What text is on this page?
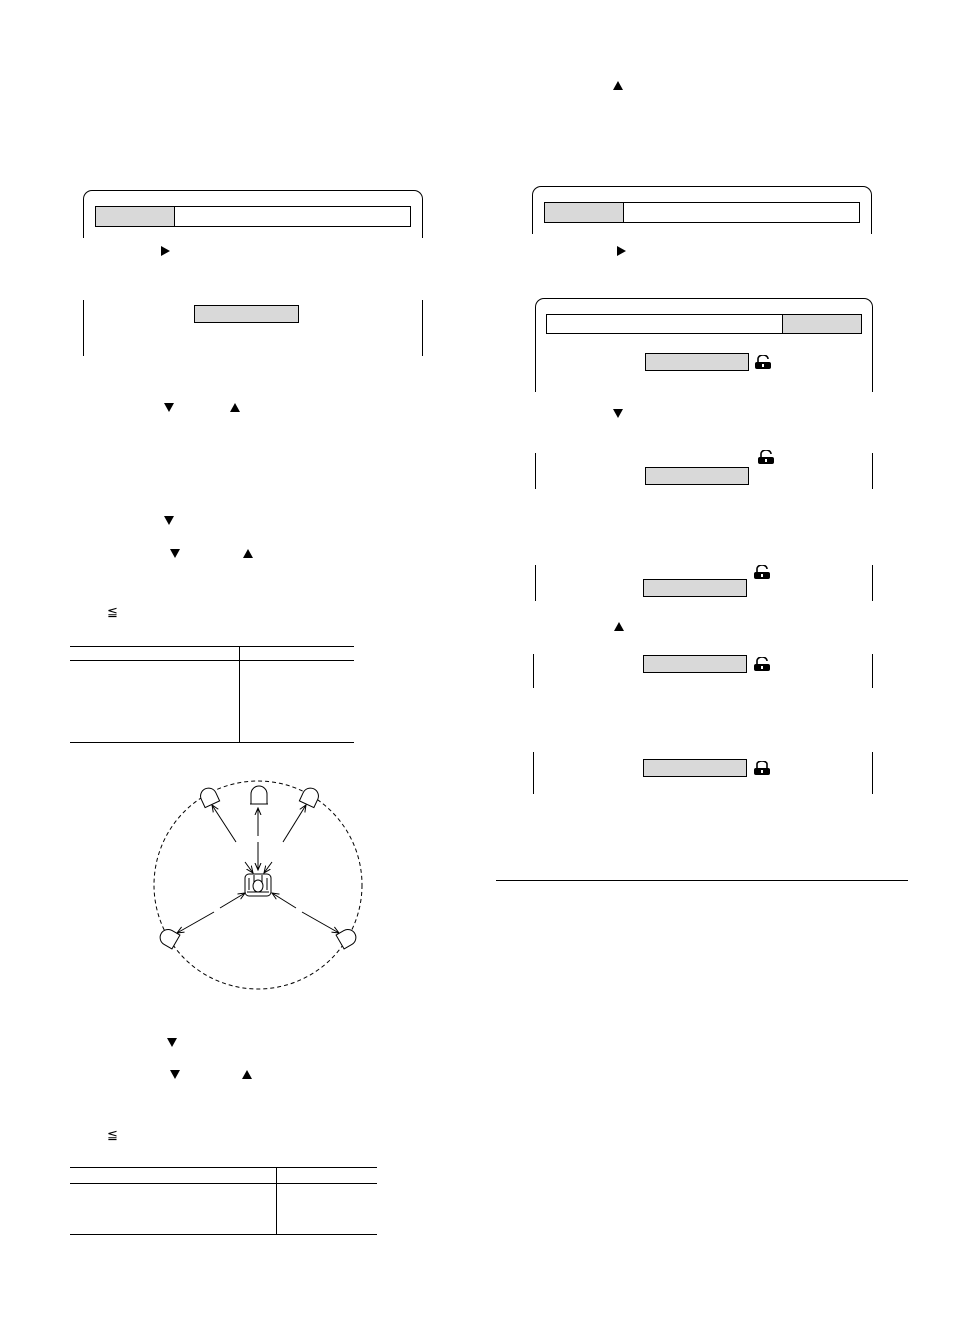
≦
≦
